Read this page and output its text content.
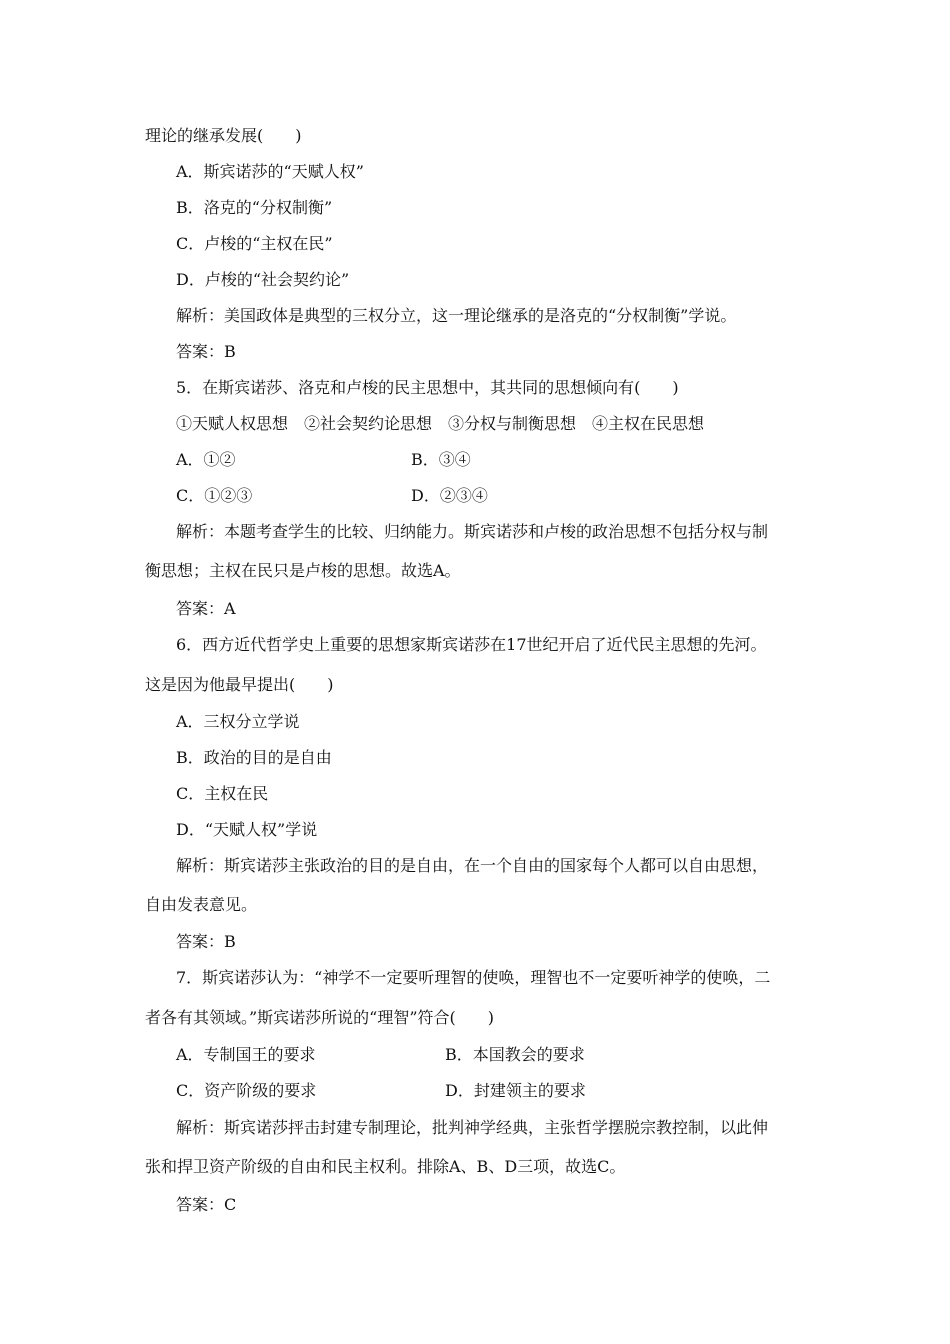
理论的继承发展(　　)
A．斯宾诺莎的“天赋人权”
B．洛克的“分权制衡”
C．卢梭的“主权在民”
D．卢梭的“社会契约论”
解析：美国政体是典型的三权分立，这一理论继承的是洛克的“分权制衡”学说。
答案：B
5．在斯宾诺莎、洛克和卢梭的民主思想中，其共同的思想倾向有(　　)
①天赋人权思想　②社会契约论思想　③分权与制衡思想　④主权在民思想
A．①②	B．③④
C．①②③	D．②③④
解析：本题考查学生的比较、归纳能力。斯宾诺莎和卢梭的政治思想不包括分权与制
衡思想；主权在民只是卢梭的思想。故选A。
答案：A
6．西方近代哲学史上重要的思想家斯宾诺莎在17世纪开启了近代民主思想的先河。
这是因为他最早提出(　　)
A．三权分立学说
B．政治的目的是自由
C．主权在民
D．“天赋人权”学说
解析：斯宾诺莎主张政治的目的是自由，在一个自由的国家每个人都可以自由思想，
自由发表意见。
答案：B
7．斯宾诺莎认为：“神学不一定要听理智的使唤，理智也不一定要听神学的使唤，二
者各有其领域。”斯宾诺莎所说的“理智”符合(　　)
A．专制国王的要求	B．本国教会的要求
C．资产阶级的要求	D．封建领主的要求
解析：斯宾诺莎抨击封建专制理论，批判神学经典，主张哲学摆脱宗教控制，以此伸
张和捍卫资产阶级的自由和民主权利。排除A、B、D三项，故选C。
答案：C
